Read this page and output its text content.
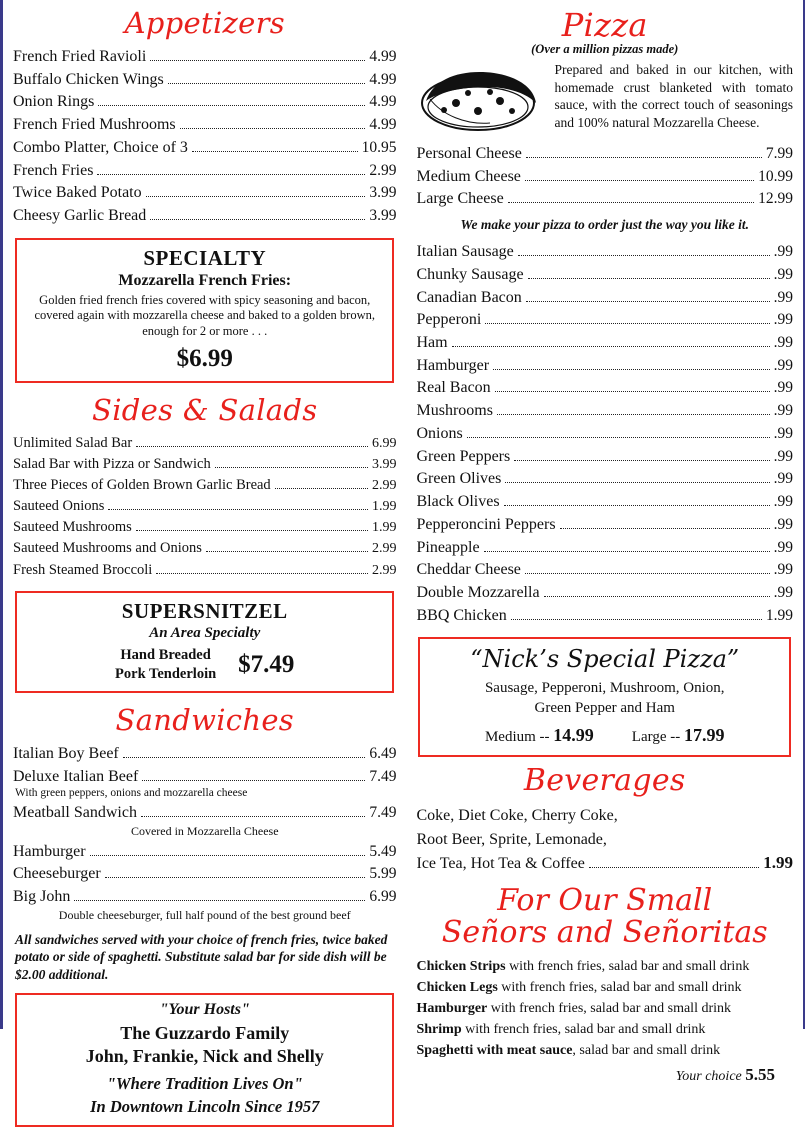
Appetizers
French Fried Ravioli	4.99
Buffalo Chicken Wings	4.99
Onion Rings	4.99
French Fried Mushrooms	4.99
Combo Platter, Choice of 3	10.95
French Fries	2.99
Twice Baked Potato	3.99
Cheesy Garlic Bread	3.99
SPECIALTY
Mozzarella French Fries:
Golden fried french fries covered with spicy seasoning and bacon, covered again with mozzarella cheese and baked to a golden brown, enough for 2 or more . . .
$6.99
Sides & Salads
Unlimited Salad Bar	6.99
Salad Bar with Pizza or Sandwich	3.99
Three Pieces of Golden Brown Garlic Bread	2.99
Sauteed Onions	1.99
Sauteed Mushrooms	1.99
Sauteed Mushrooms and Onions	2.99
Fresh Steamed Broccoli	2.99
SUPERSNITZEL
An Area Specialty
Hand Breaded
Pork Tenderloin $7.49
Sandwiches
Italian Boy Beef	6.49
Deluxe Italian Beef	7.49
With green peppers, onions and mozzarella cheese
Meatball Sandwich	7.49
Covered in Mozzarella Cheese
Hamburger	5.49
Cheeseburger	5.99
Big John	6.99
Double cheeseburger, full half pound of the best ground beef
All sandwiches served with your choice of french fries, twice baked potato or side of spaghetti. Substitute salad bar for side dish will be $2.00 additional.
"Your Hosts"
The Guzzardo Family
John, Frankie, Nick and Shelly
"Where Tradition Lives On"
In Downtown Lincoln Since 1957
Pizza
(Over a million pizzas made)
Prepared and baked in our kitchen, with homemade crust blanketed with tomato sauce, with the correct touch of seasonings and 100% natural Mozzarella Cheese.
Personal Cheese	7.99
Medium Cheese	10.99
Large Cheese	12.99
We make your pizza to order just the way you like it.
Italian Sausage	.99
Chunky Sausage	.99
Canadian Bacon	.99
Pepperoni	.99
Ham	.99
Hamburger	.99
Real Bacon	.99
Mushrooms	.99
Onions	.99
Green Peppers	.99
Green Olives	.99
Black Olives	.99
Pepperoncini Peppers	.99
Pineapple	.99
Cheddar Cheese	.99
Double Mozzarella	.99
BBQ Chicken	1.99
“Nick’s Special Pizza”
Sausage, Pepperoni, Mushroom, Onion,
Green Pepper and Ham
Medium -- 14.99	Large -- 17.99
Beverages
Coke, Diet Coke, Cherry Coke,
Root Beer, Sprite, Lemonade,
Ice Tea, Hot Tea & Coffee	1.99
For Our Small
Señors and Señoritas
Chicken Strips with french fries, salad bar and small drink
Chicken Legs with french fries, salad bar and small drink
Hamburger with french fries, salad bar and small drink
Shrimp with french fries, salad bar and small drink
Spaghetti with meat sauce, salad bar and small drink
Your choice 5.55
